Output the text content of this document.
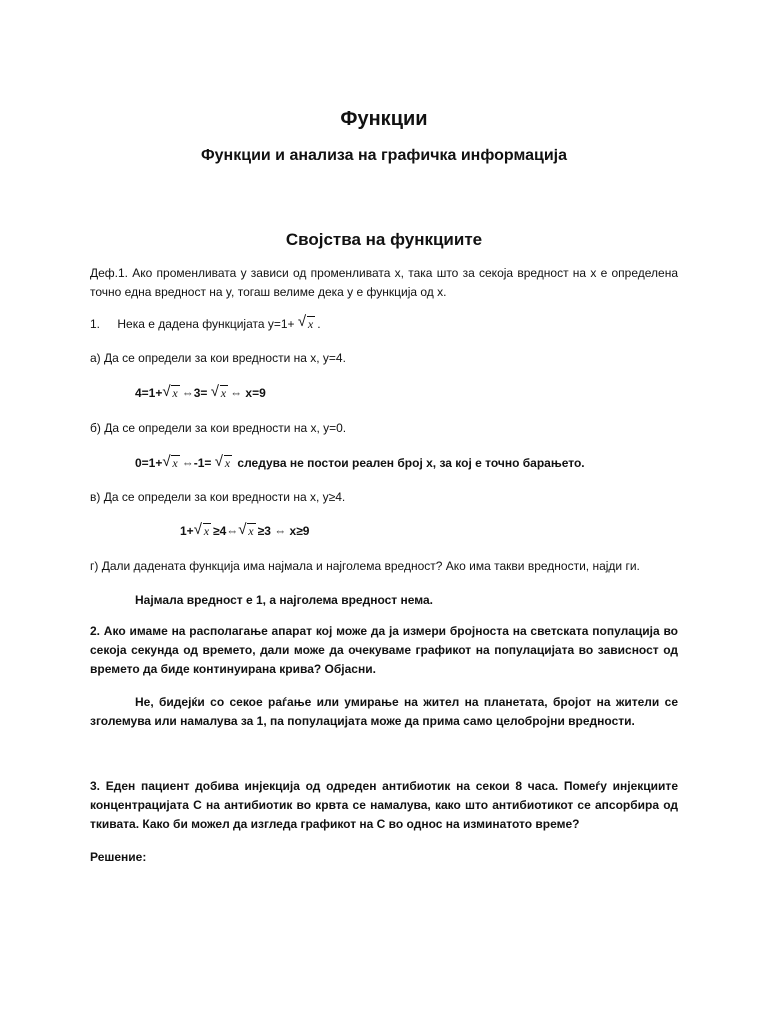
Функции
Функции и анализа на графичка информација
Својства на функциите
Деф.1. Ако променливата y зависи од променливата x, така што за секоја вредност на x е определена точно една вредност на y, тогаш велиме дека y е функција од x.
1. Нека е дадена функцијата y=1+ √ x .
а) Да се определи за кои вредности на x, y=4.
4=1+ √ x ⇔3= √ x ⇔ x=9
б) Да се определи за кои вредности на x, y=0.
0=1+ √ x ⇔-1= √ x следува не постои реален број x, за кој е точно барањето.
в) Да се определи за кои вредности на x, y≥4.
1+ √ x ≥4⇔ √ x ≥3 ⇔ x≥9
г) Дали дадената функција има најмала и најголема вредност? Ако има такви вредности, најди ги.
Најмала вредност е 1, а најголема вредност нема.
2. Ако имаме на располагање апарат кој може да ја измери бројноста на светската популација во секоја секунда од времето, дали може да очекуваме графикот на популацијата во зависност од времето да биде континуирана крива? Објасни.
Не, бидејќи со секое раѓање или умирање на жител на планетата, бројот на жители се зголемува или намалува за 1, па популацијата може да прима само целобројни вредности.
3. Еден пациент добива инјекција од одреден антибиотик на секои 8 часа. Помеѓу инјекциите концентрацијата C на антибиотик во крвта се намалува, како што антибиотикот се апсорбира од ткивата. Како би можел да изгледа графикот на C во однос на изминатото време?
Решение:
